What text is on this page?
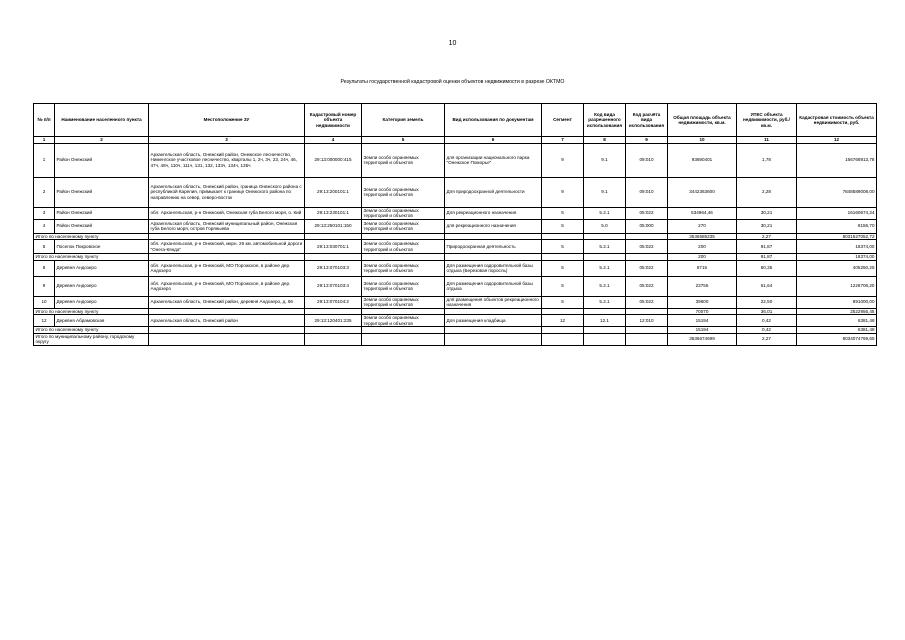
10
Результаты государственной кадастровой оценки объектов недвижимости в разрезе ОКТМО
№ п/п	Наименование населенного пункта	Местоположение ЗУ	Кадастровый номер объекта недвижимости	Категория земель	Вид использования по документам	Сегмент	Код вида разрешенного использования	Код расчёта вида использования	Общая площадь объекта недвижимости, кв.м.	УПКС объекта недвижимости, руб./кв.м.	Кадастровая стоимость объекта недвижимости, руб.
1	2	3	4	5	6	7	8	9	10	11	12
1	Район Онежский	Архангельская область, Онежский район, Онежское лесничество, Нименгское участковое лесничество, кварталы 1, 2ч, 3ч, 23, 24ч, 46, 47ч, 48ч, 110ч, 111ч, 131, 132, 133ч, 134ч, 135ч	29:13:000000:415	Земли особо охраняемых территорий и объектов	для организации национального парка "Онежское Поморье"	9	9.1	09:010	93690401	1,78	166768913,78
2	Район Онежский	Архангельская область, Онежский район, граница Онежского района с республикой Карелия, примыкает к границе Онежского района по направлению на север, северо-восток	29:13:200101:1	Земли особо охраняемых территорий и объектов	Для природоохранной деятельности	9	9.1	09:010	3442363600	2,28	7848589008,00
3	Район Онежский	обл. Архангельская, р-н Онежский, Онежская губа Белого моря, о. Кий	29:13:230101:1	Земли особо охраняемых территорий и объектов	Для рекреационного назначения	5	5.2.1	05:022	534964,46	30,21	16160674,24
4	Район Онежский	Архангельская область, Онежский муниципальный район, Онежская губа Белого моря, остров Горяныева	29:13:250101:150	Земли особо охраняемых территорий и объектов	для рекреационного назначения	5	5.0	05:000	270	30,21	8156,70
Итого по населенному пункту									3536589235	2,27	8031527052,72
5	Поселок Покровское	обл. Архангельская, р-н Онежский, мкрн. 26 км. автомобильной дороги "Онега-Кянда"	29:13:030701:1	Земли особо охраняемых территорий и объектов	Природоохранная деятельность	5	5.2.1	05:022	200	91,87	18374,00
Итого по населенному пункту									200	91,87	18374,00
8	Деревня Андозеро	обл. Архангельская, р-н Онежский, МО Порожское, в районе дер. Андозеро	29:13:070103:3	Земли особо охраняемых территорий и объектов	Для размещения оздоровительной базы отдыха (Березовая поросль)	5	5.2.1	05:022	8715	60,35	405250,25
9	Деревня Андозеро	обл. Архангельская, р-н Онежский, МО Порожское, в районе дер. Андозеро	29:13:070103:4	Земли особо охраняемых территорий и объектов	Для размещения оздоровительной базы отдыха	5	5.2.1	05:022	23755	51,64	1226706,20
10	Деревня Андозеро	Архангельская область, Онежский район, деревня Андозеро, д. 66	29:13:070104:2	Земли особо охраняемых территорий и объектов	для размещения объектов рекреационного назначения	5	5.2.1	05:022	39600	22,50	891000,00
Итого по населенному пункту									70070	36,01	2522956,45
12	Деревня Абрамовская	Архангельская область, Онежский район	29:13:120401:235	Земли особо охраняемых территорий и объектов	Для размещения кладбища	12	12.1	12:010	15194	0,42	6381,48
Итого по населенному пункту									15194	0,42	6381,48
Итого по муниципальному району, городскому округу									3536674699	2,27	8034074769,65
